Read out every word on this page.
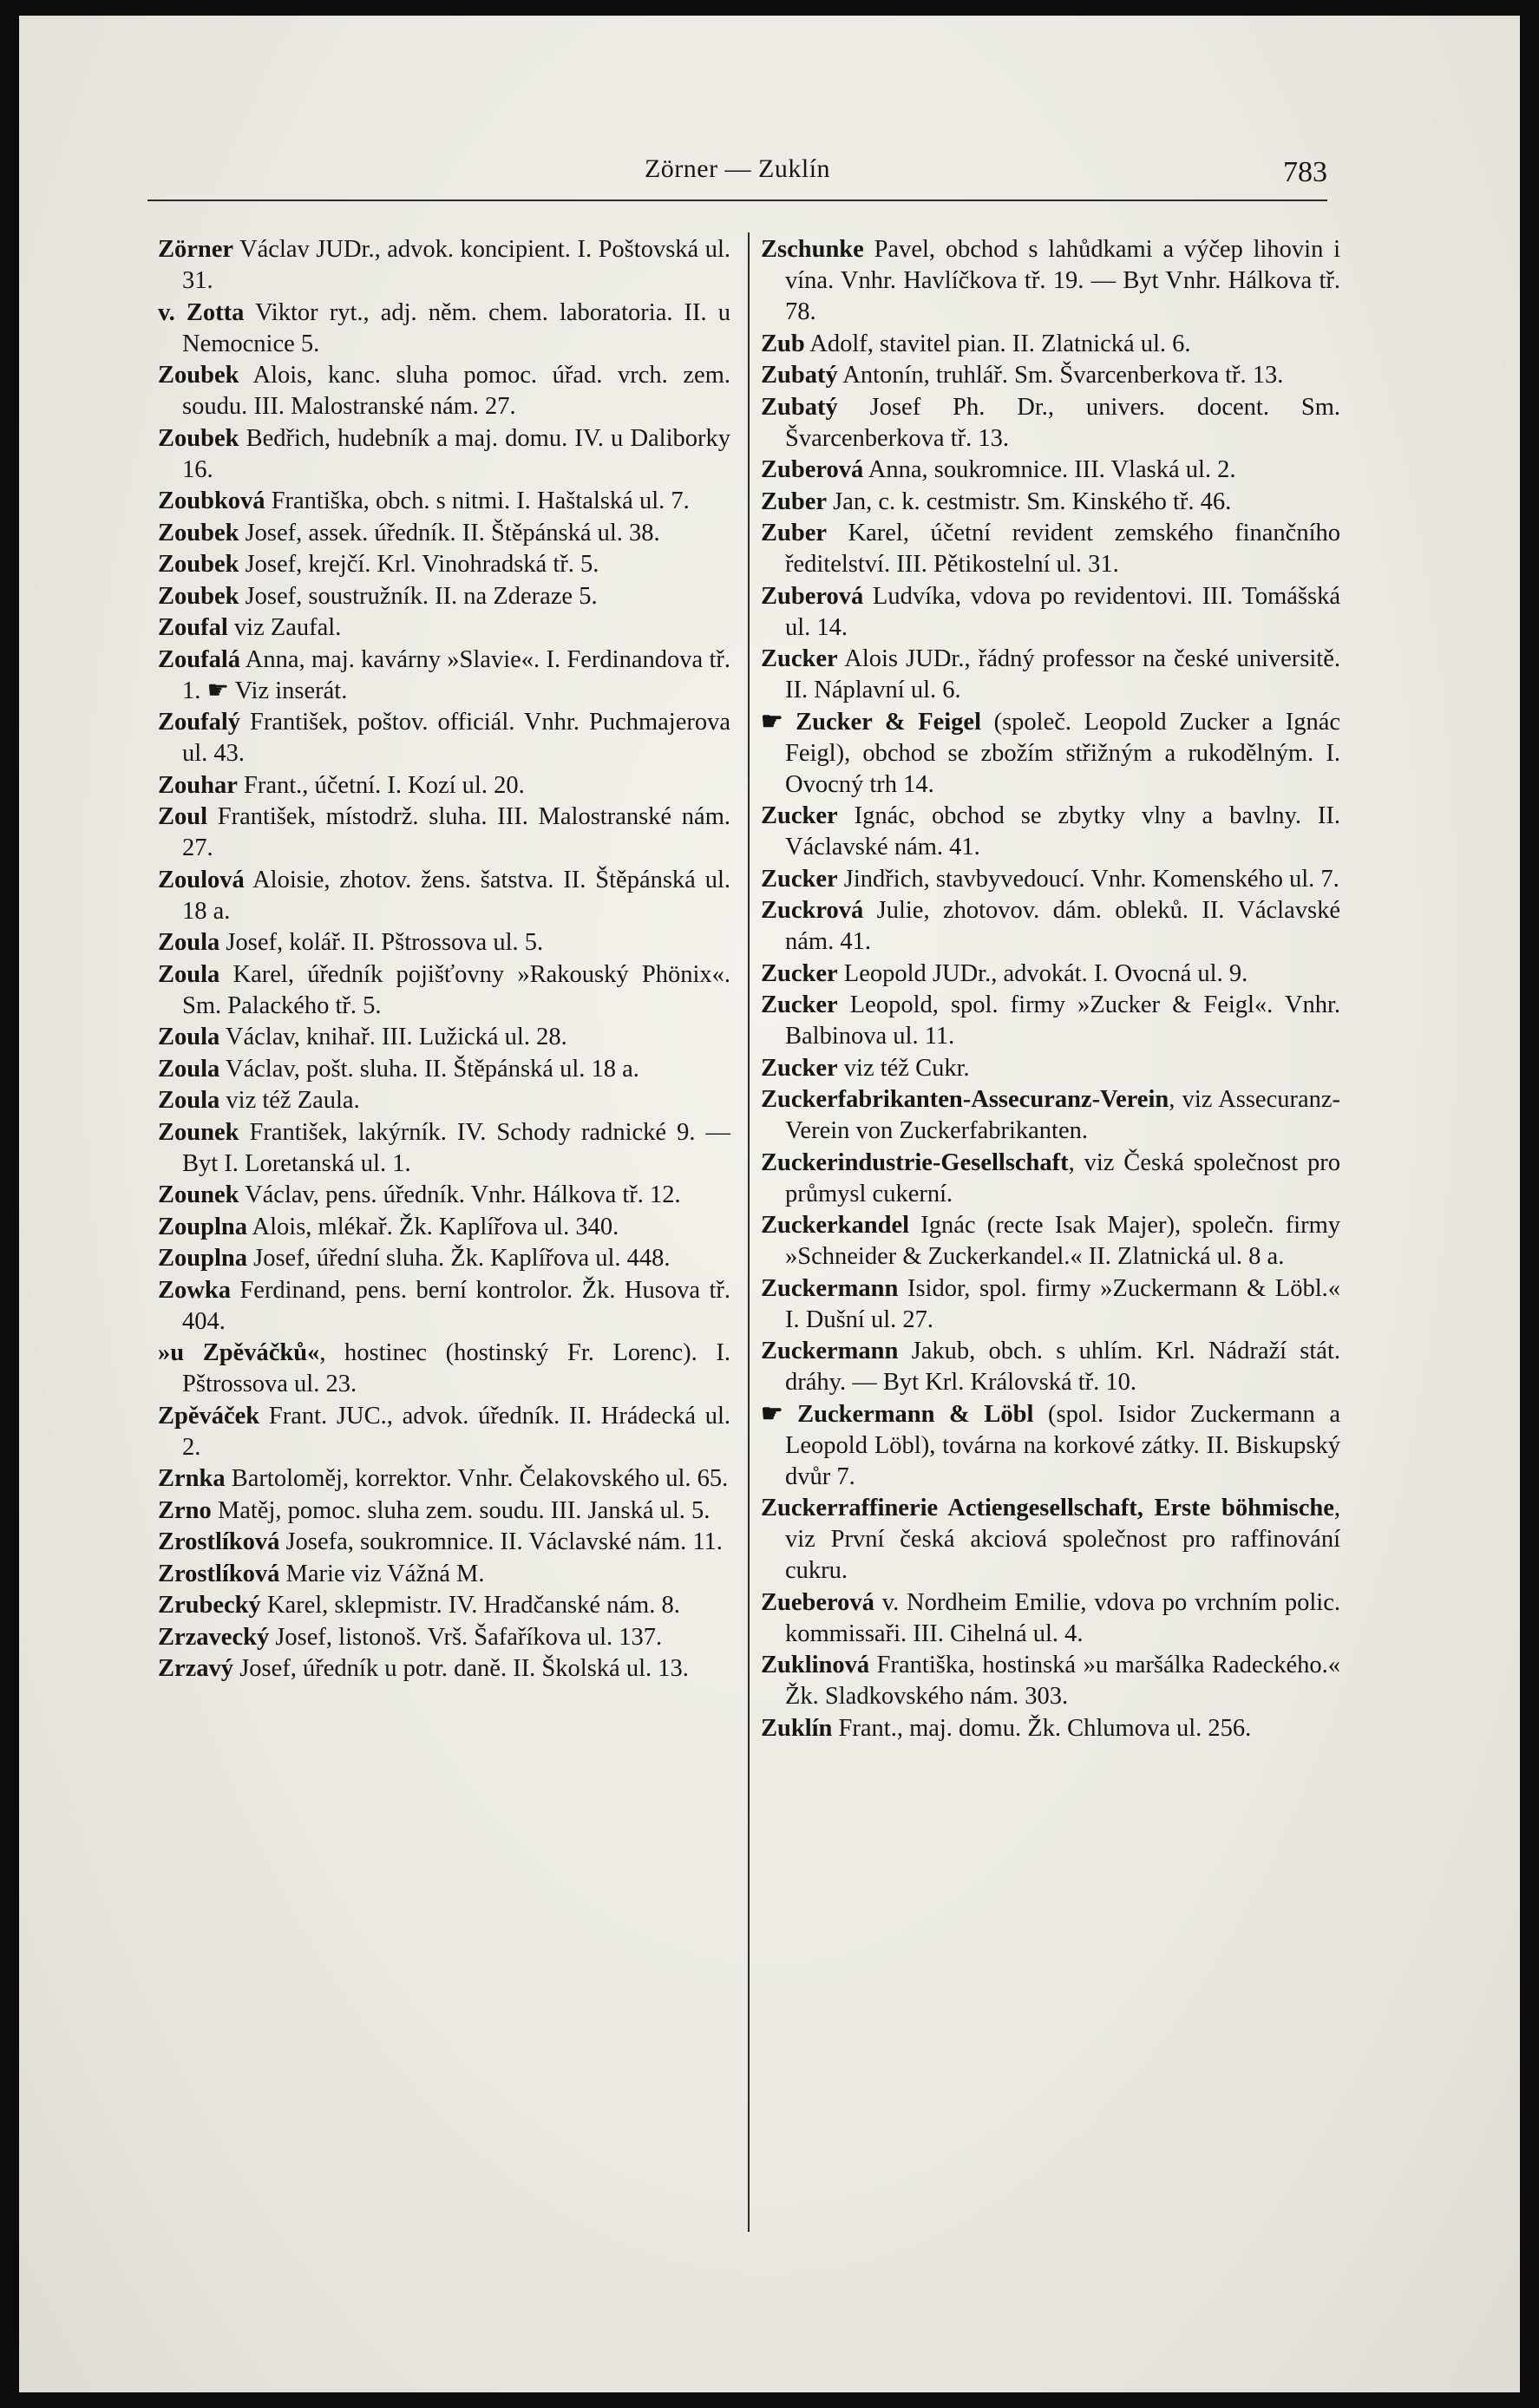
Zörner — Zuklín	783

Zörner Václav JUDr., advok. koncipient. I. Poštovská ul. 31.

v. Zotta Viktor ryt., adj. něm. chem. laboratoria. II. u Nemocnice 5.

Zoubek Alois, kanc. sluha pomoc. úřad. vrch. zem. soudu. III. Malostranské nám. 27.

Zoubek Bedřich, hudebník a maj. domu. IV. u Daliborky 16.

Zoubková Františka, obch. s nitmi. I. Haštalská ul. 7.

Zoubek Josef, assek. úředník. II. Štěpánská ul. 38.

Zoubek Josef, krejčí. Krl. Vinohradská tř. 5.

Zoubek Josef, soustružník. II. na Zderaze 5.

Zoufal viz Zaufal.

Zoufalá Anna, maj. kavárny »Slavie«. I. Ferdinandova tř. 1. ☛ Viz inserát.

Zoufalý František, poštov. officiál. Vnhr. Puchmajerova ul. 43.

Zouhar Frant., účetní. I. Kozí ul. 20.

Zoul František, místodrž. sluha. III. Malostranské nám. 27.

Zoulová Aloisie, zhotov. žens. šatstva. II. Štěpánská ul. 18 a.

Zoula Josef, kolář. II. Pštrossova ul. 5.

Zoula Karel, úředník pojišťovny »Rakouský Phönix«. Sm. Palackého tř. 5.

Zoula Václav, knihař. III. Lužická ul. 28.

Zoula Václav, pošt. sluha. II. Štěpánská ul. 18 a.

Zoula viz též Zaula.

Zounek František, lakýrník. IV. Schody radnické 9. — Byt I. Loretanská ul. 1.

Zounek Václav, pens. úředník. Vnhr. Hálkova tř. 12.

Zouplna Alois, mlékař. Žk. Kaplířova ul. 340.

Zouplna Josef, úřední sluha. Žk. Kaplířova ul. 448.

Zowka Ferdinand, pens. berní kontrolor. Žk. Husova tř. 404.

»u Zpěváčků«, hostinec (hostinský Fr. Lorenc). I. Pštrossova ul. 23.

Zpěváček Frant. JUC., advok. úředník. II. Hrádecká ul. 2.

Zrnka Bartoloměj, korrektor. Vnhr. Čelakovského ul. 65.

Zrno Matěj, pomoc. sluha zem. soudu. III. Janská ul. 5.

Zrostlíková Josefa, soukromnice. II. Václavské nám. 11.

Zrostlíková Marie viz Vážná M.

Zrubecký Karel, sklepmistr. IV. Hradčanské nám. 8.

Zrzavecký Josef, listonoš. Vrš. Šafaříkova ul. 137.

Zrzavý Josef, úředník u potr. daně. II. Školská ul. 13.

Zschunke Pavel, obchod s lahůdkami a výčep lihovin i vína. Vnhr. Havlíčkova tř. 19. — Byt Vnhr. Hálkova tř. 78.

Zub Adolf, stavitel pian. II. Zlatnická ul. 6.

Zubatý Antonín, truhlář. Sm. Švarcenberkova tř. 13.

Zubatý Josef Ph. Dr., univers. docent. Sm. Švarcenberkova tř. 13.

Zuberová Anna, soukromnice. III. Vlaská ul. 2.

Zuber Jan, c. k. cestmistr. Sm. Kinského tř. 46.

Zuber Karel, účetní revident zemského finančního ředitelství. III. Pětikostelní ul. 31.

Zuberová Ludvíka, vdova po revidentovi. III. Tomášská ul. 14.

Zucker Alois JUDr., řádný professor na české universitě. II. Náplavní ul. 6.

☛ Zucker & Feigel (společ. Leopold Zucker a Ignác Feigl), obchod se zbožím střižným a rukodělným. I. Ovocný trh 14.

Zucker Ignác, obchod se zbytky vlny a bavlny. II. Václavské nám. 41.

Zucker Jindřich, stavbyvedoucí. Vnhr. Komenského ul. 7.

Zuckrová Julie, zhotovov. dám. obleků. II. Václavské nám. 41.

Zucker Leopold JUDr., advokát. I. Ovocná ul. 9.

Zucker Leopold, spol. firmy »Zucker & Feigl«. Vnhr. Balbinova ul. 11.

Zucker viz též Cukr.

Zuckerfabrikanten-Assecuranz-Verein, viz Assecuranz-Verein von Zuckerfabrikanten.

Zuckerindustrie-Gesellschaft, viz Česká společnost pro průmysl cukerní.

Zuckerkandel Ignác (recte Isak Majer), společn. firmy »Schneider & Zuckerkandel.« II. Zlatnická ul. 8 a.

Zuckermann Isidor, spol. firmy »Zuckermann & Löbl.« I. Dušní ul. 27.

Zuckermann Jakub, obch. s uhlím. Krl. Nádraží stát. dráhy. — Byt Krl. Královská tř. 10.

☛ Zuckermann & Löbl (spol. Isidor Zuckermann a Leopold Löbl), továrna na korkové zátky. II. Biskupský dvůr 7.

Zuckerraffinerie Actiengesellschaft, Erste böhmische, viz První česká akciová společnost pro raffinování cukru.

Zueberová v. Nordheim Emilie, vdova po vrchním polic. kommissaři. III. Cihelná ul. 4.

Zuklinová Františka, hostinská »u maršálka Radeckého.« Žk. Sladkovského nám. 303.

Zuklín Frant., maj. domu. Žk. Chlumova ul. 256.
